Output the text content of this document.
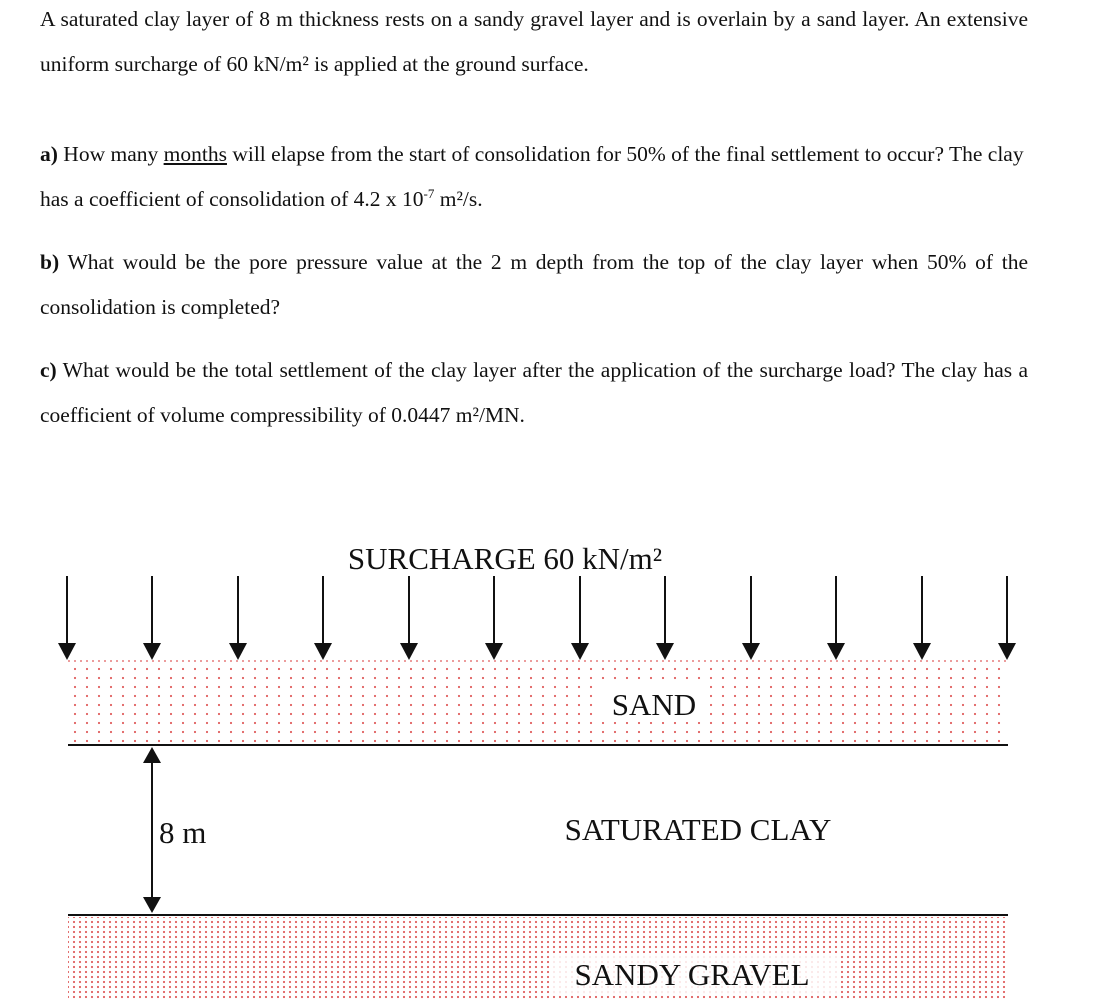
A saturated clay layer of 8 m thickness rests on a sandy gravel layer and is overlain by a sand layer. An extensive uniform surcharge of 60 kN/m² is applied at the ground surface.

a) How many months will elapse from the start of consolidation for 50% of the final settlement to occur? The clay has a coefficient of consolidation of 4.2 x $10^{-7}$ m²/s.

b) What would be the pore pressure value at the 2 m depth from the top of the clay layer when 50% of the consolidation is completed?

c) What would be the total settlement of the clay layer after the application of the surcharge load? The clay has a coefficient of volume compressibility of 0.0447 m²/MN.

SURCHARGE 60 kN/m²
SAND
SATURATED CLAY
8 m
SANDY GRAVEL
